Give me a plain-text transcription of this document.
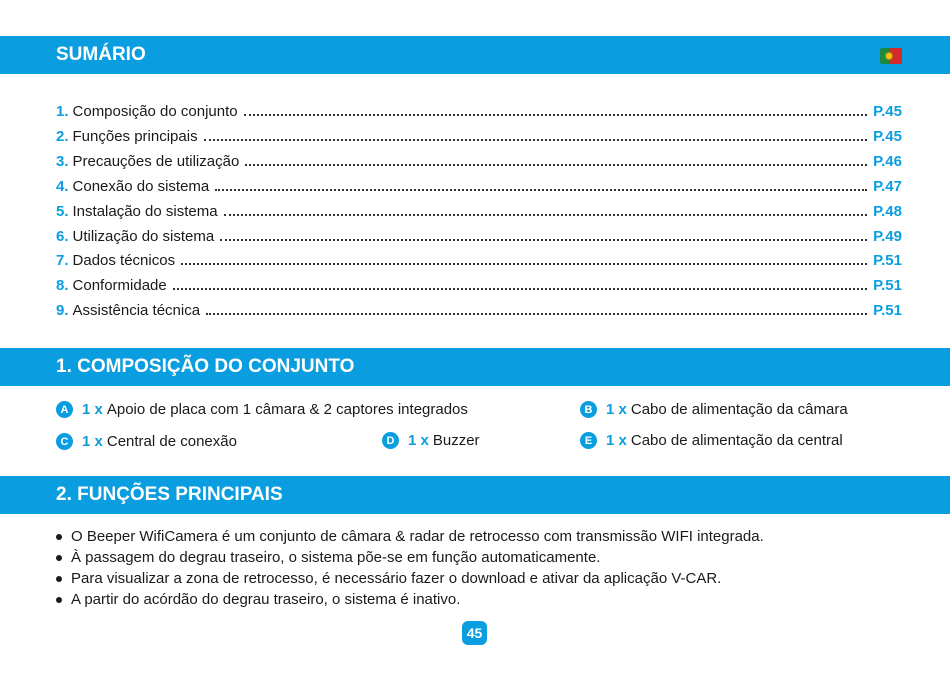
SUMÁRIO
1. Composição do conjunto	P.45
2. Funções principais	P.45
3. Precauções de utilização	P.46
4. Conexão do sistema	P.47
5. Instalação do sistema	P.48
6. Utilização do sistema	P.49
7. Dados técnicos	P.51
8. Conformidade	P.51
9. Assistência técnica	P.51
1. COMPOSIÇÃO DO CONJUNTO
A 1 x Apoio de placa com 1 câmara & 2 captores integrados	B 1 x Cabo de alimentação da câmara
C 1 x Central de conexão	D 1 x Buzzer	E 1 x Cabo de alimentação da central
2. FUNÇÕES PRINCIPAIS
O Beeper WifiCamera é um conjunto de câmara & radar de retrocesso com transmissão WIFI integrada.
À passagem do degrau traseiro, o sistema põe-se em função automaticamente.
Para visualizar a zona de retrocesso, é necessário fazer o download e ativar da aplicação V-CAR.
A partir do acórdão do degrau traseiro, o sistema é inativo.
45
